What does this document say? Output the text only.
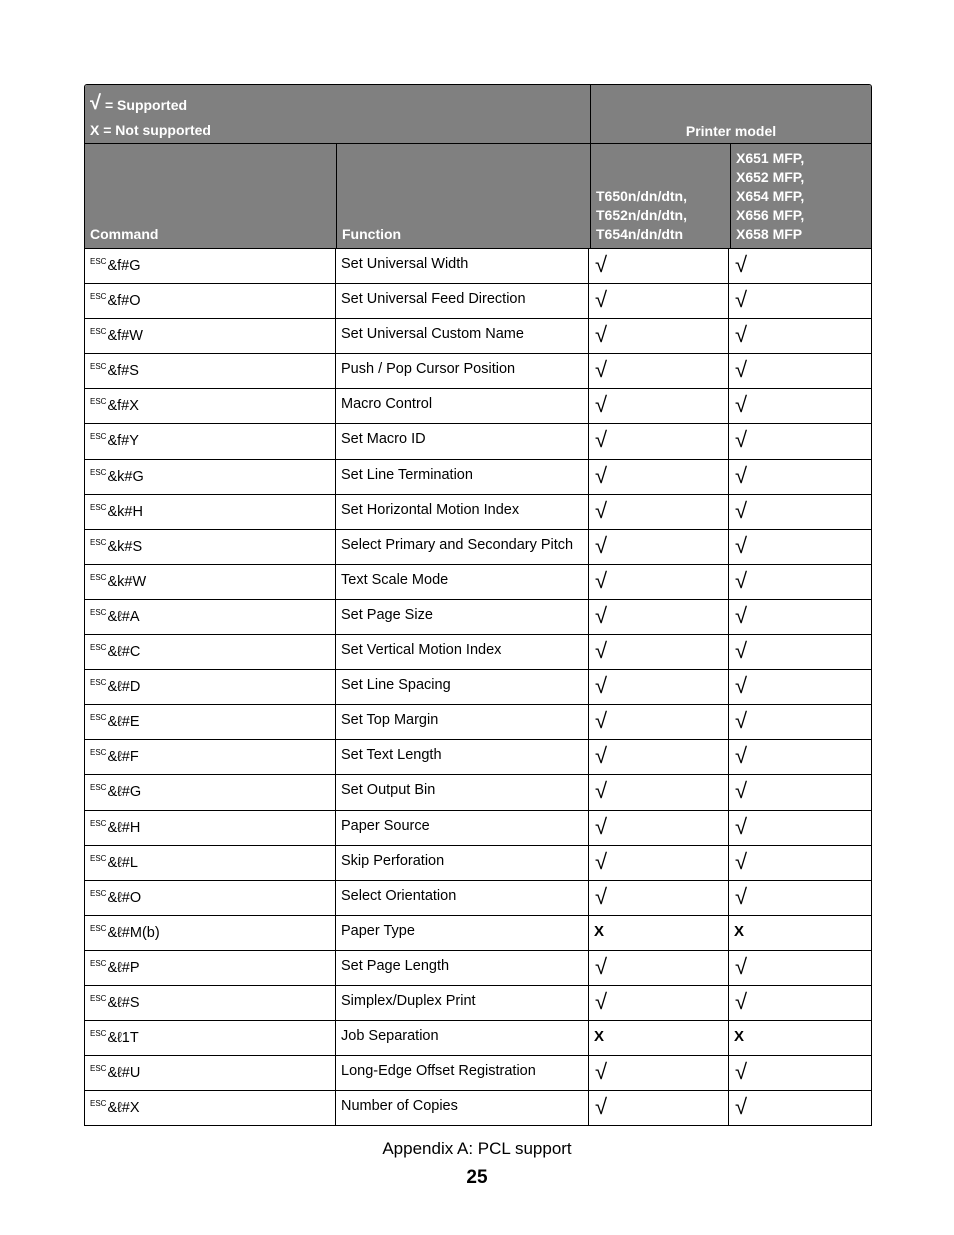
√ = Supported
X = Not supported	Printer model
Command	Function
T650n/dn/dtn,
T652n/dn/dtn,
T654n/dn/dtn
X651 MFP,
X652 MFP,
X654 MFP,
X656 MFP,
X658 MFP
$^{ESC}$&f#G	Set Universal Width	√	√
$^{ESC}$&f#O	Set Universal Feed Direction	√	√
$^{ESC}$&f#W	Set Universal Custom Name	√	√
$^{ESC}$&f#S	Push / Pop Cursor Position	√	√
$^{ESC}$&f#X	Macro Control	√	√
$^{ESC}$&f#Y	Set Macro ID	√	√
$^{ESC}$&k#G	Set Line Termination	√	√
$^{ESC}$&k#H	Set Horizontal Motion Index	√	√
$^{ESC}$&k#S	Select Primary and Secondary Pitch √	√
$^{ESC}$&k#W	Text Scale Mode	√	√
$^{ESC}$&ℓ#A	Set Page Size	√	√
$^{ESC}$&ℓ#C	Set Vertical Motion Index	√	√
$^{ESC}$&ℓ#D	Set Line Spacing	√	√
$^{ESC}$&ℓ#E	Set Top Margin	√	√
$^{ESC}$&ℓ#F	Set Text Length	√	√
$^{ESC}$&ℓ#G	Set Output Bin	√	√
$^{ESC}$&ℓ#H	Paper Source	√	√
$^{ESC}$&ℓ#L	Skip Perforation	√	√
$^{ESC}$&ℓ#O	Select Orientation	√	√
$^{ESC}$&ℓ#M(b)	Paper Type	X	X
$^{ESC}$&ℓ#P	Set Page Length	√	√
$^{ESC}$&ℓ#S	Simplex/Duplex Print	√	√
$^{ESC}$&ℓ1T	Job Separation	X	X
$^{ESC}$&ℓ#U	Long-Edge Offset Registration	√	√
$^{ESC}$&ℓ#X	Number of Copies	√	√
Appendix A: PCL support
25
